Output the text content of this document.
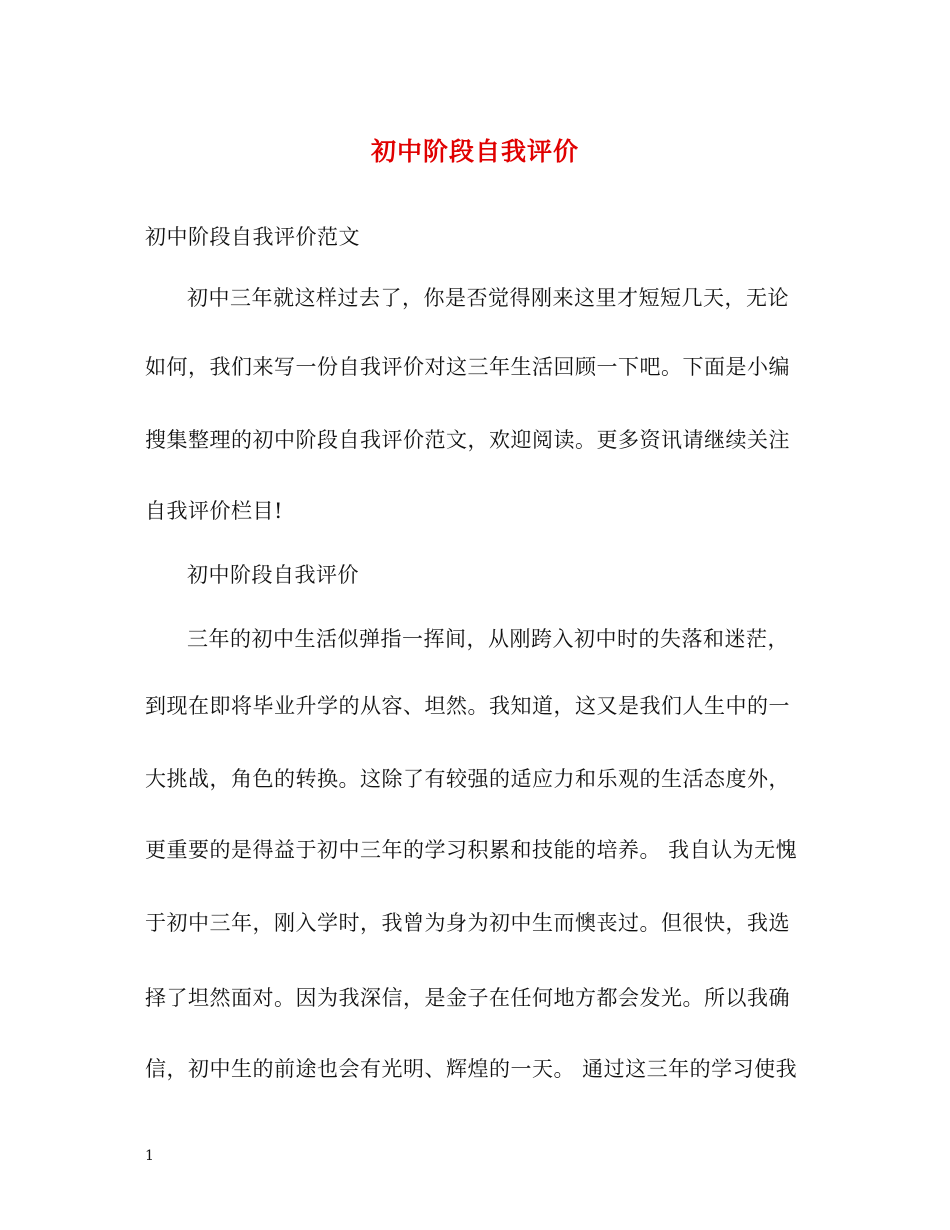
初中阶段自我评价
初中阶段自我评价范文
初中三年就这样过去了，你是否觉得刚来这里才短短几天，无论
如何，我们来写一份自我评价对这三年生活回顾一下吧。下面是小编
搜集整理的初中阶段自我评价范文，欢迎阅读。更多资讯请继续关注
自我评价栏目!
初中阶段自我评价
三年的初中生活似弹指一挥间，从刚跨入初中时的失落和迷茫，
到现在即将毕业升学的从容、坦然。我知道，这又是我们人生中的一
大挑战，角色的转换。这除了有较强的适应力和乐观的生活态度外，
更重要的是得益于初中三年的学习积累和技能的培养。 我自认为无愧
于初中三年，刚入学时，我曾为身为初中生而懊丧过。但很快，我选
择了坦然面对。因为我深信，是金子在任何地方都会发光。所以我确
信，初中生的前途也会有光明、辉煌的一天。 通过这三年的学习使我
1
